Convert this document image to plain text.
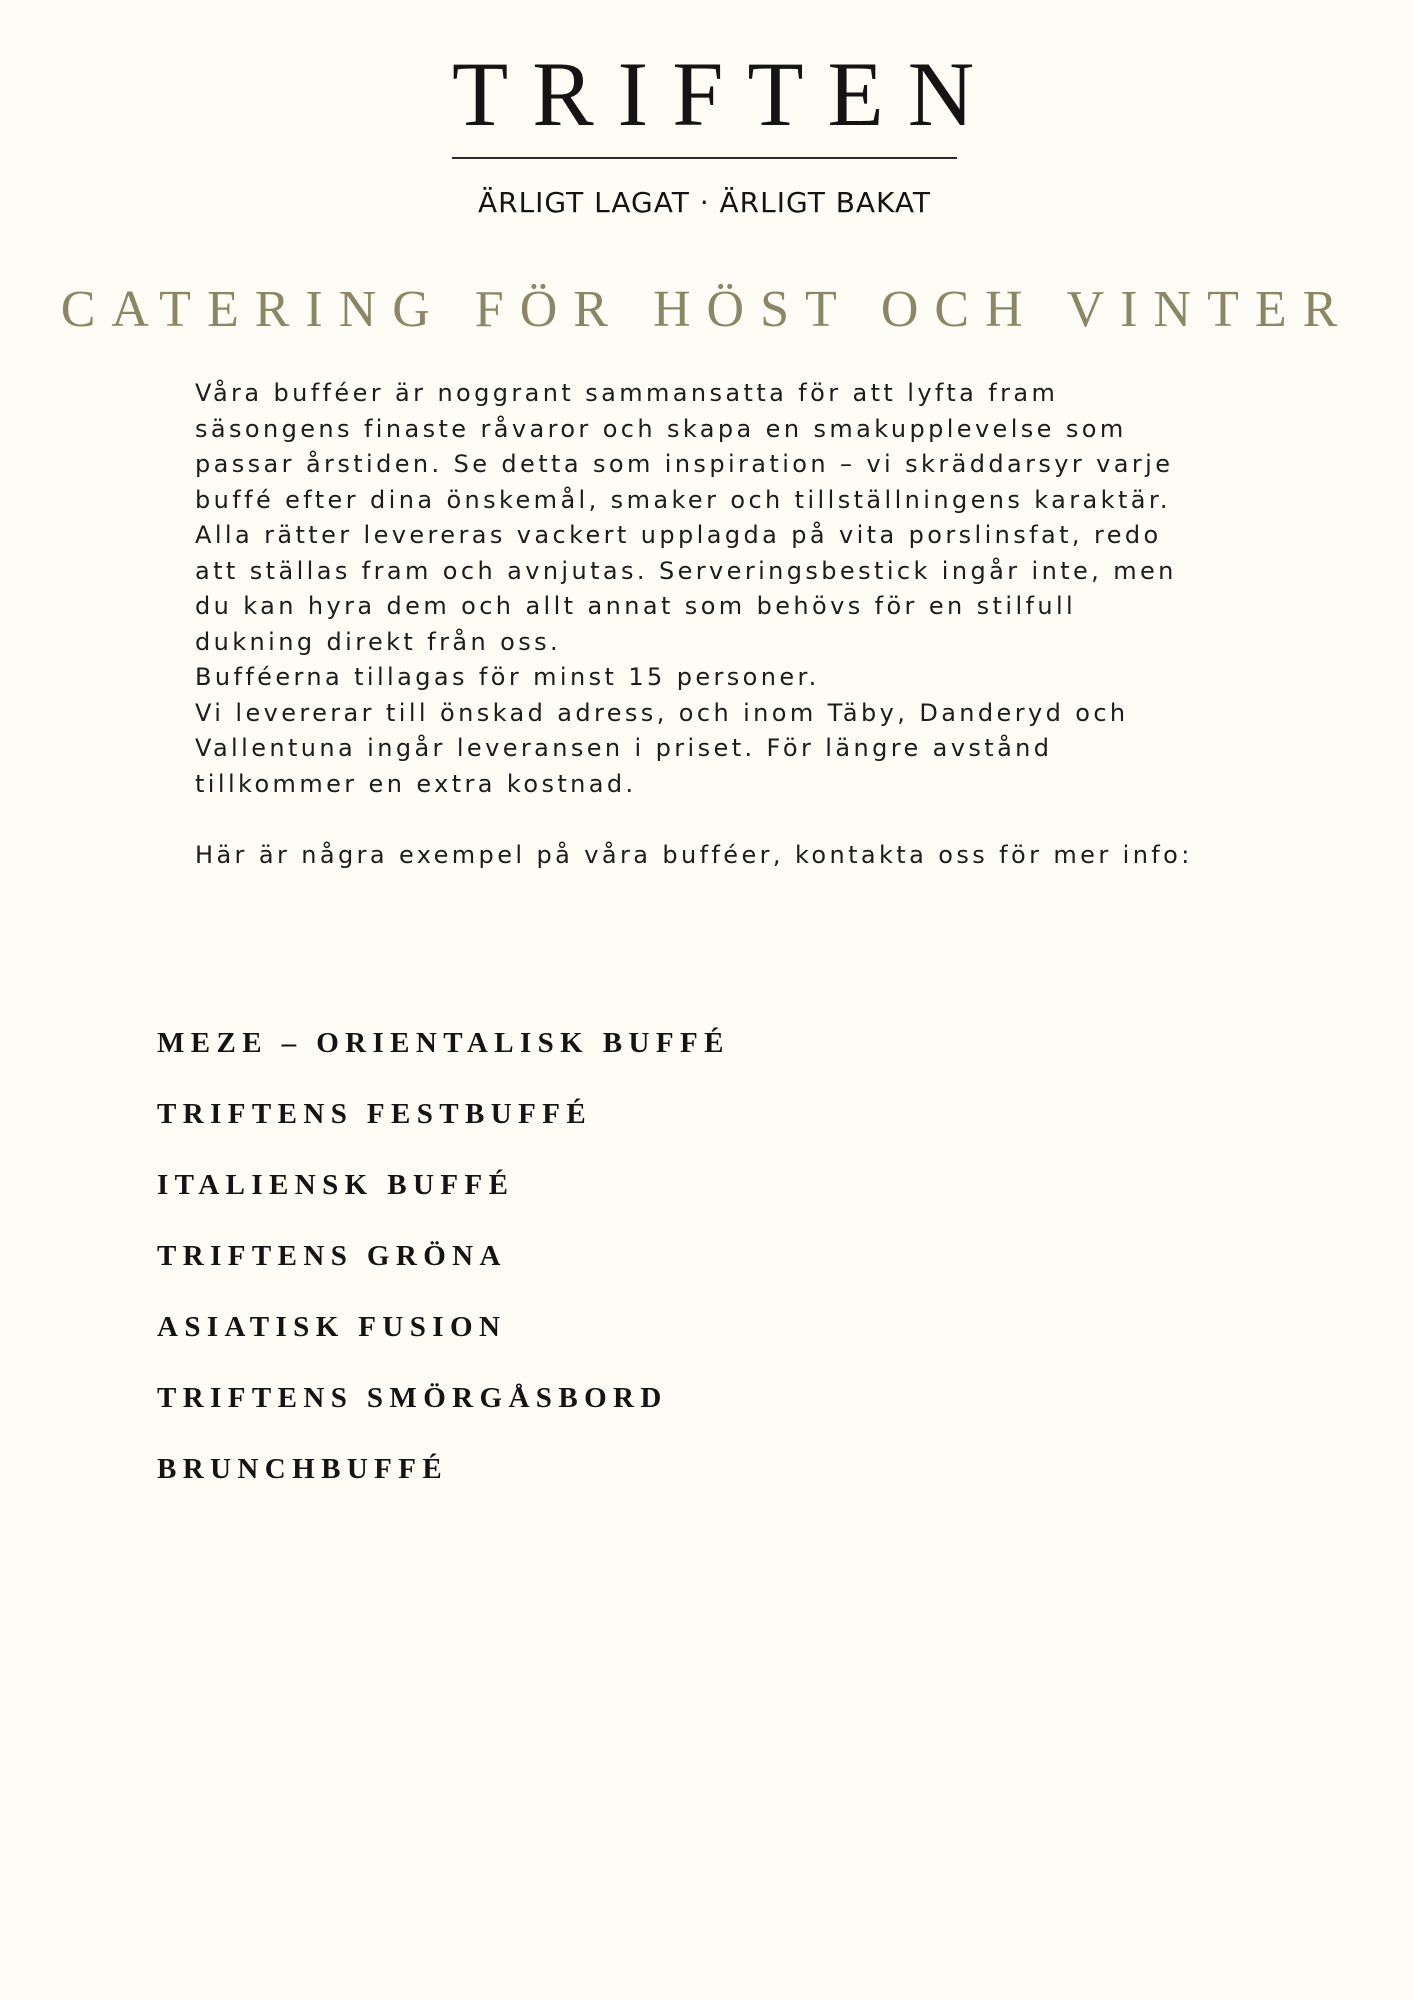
TRIFTEN
ÄRLIGT LAGAT · ÄRLIGT BAKAT
CATERING FÖR HÖST OCH VINTER

Våra bufféer är noggrant sammansatta för att lyfta fram säsongens finaste råvaror och skapa en smakupplevelse som passar årstiden. Se detta som inspiration – vi skräddarsyr varje buffé efter dina önskemål, smaker och tillställningens karaktär.

Alla rätter levereras vackert upplagda på vita porslinsfat, redo att ställas fram och avnjutas. Serveringsbestick ingår inte, men du kan hyra dem och allt annat som behövs för en stilfull dukning direkt från oss.

Bufféerna tillagas för minst 15 personer.

Vi levererar till önskad adress, och inom Täby, Danderyd och Vallentuna ingår leveransen i priset. För längre avstånd tillkommer en extra kostnad.

Här är några exempel på våra bufféer, kontakta oss för mer info:

MEZE – ORIENTALISK BUFFÉ
TRIFTENS FESTBUFFÉ
ITALIENSK BUFFÉ
TRIFTENS GRÖNA
ASIATISK FUSION
TRIFTENS SMÖRGÅSBORD
BRUNCHBUFFÉ
